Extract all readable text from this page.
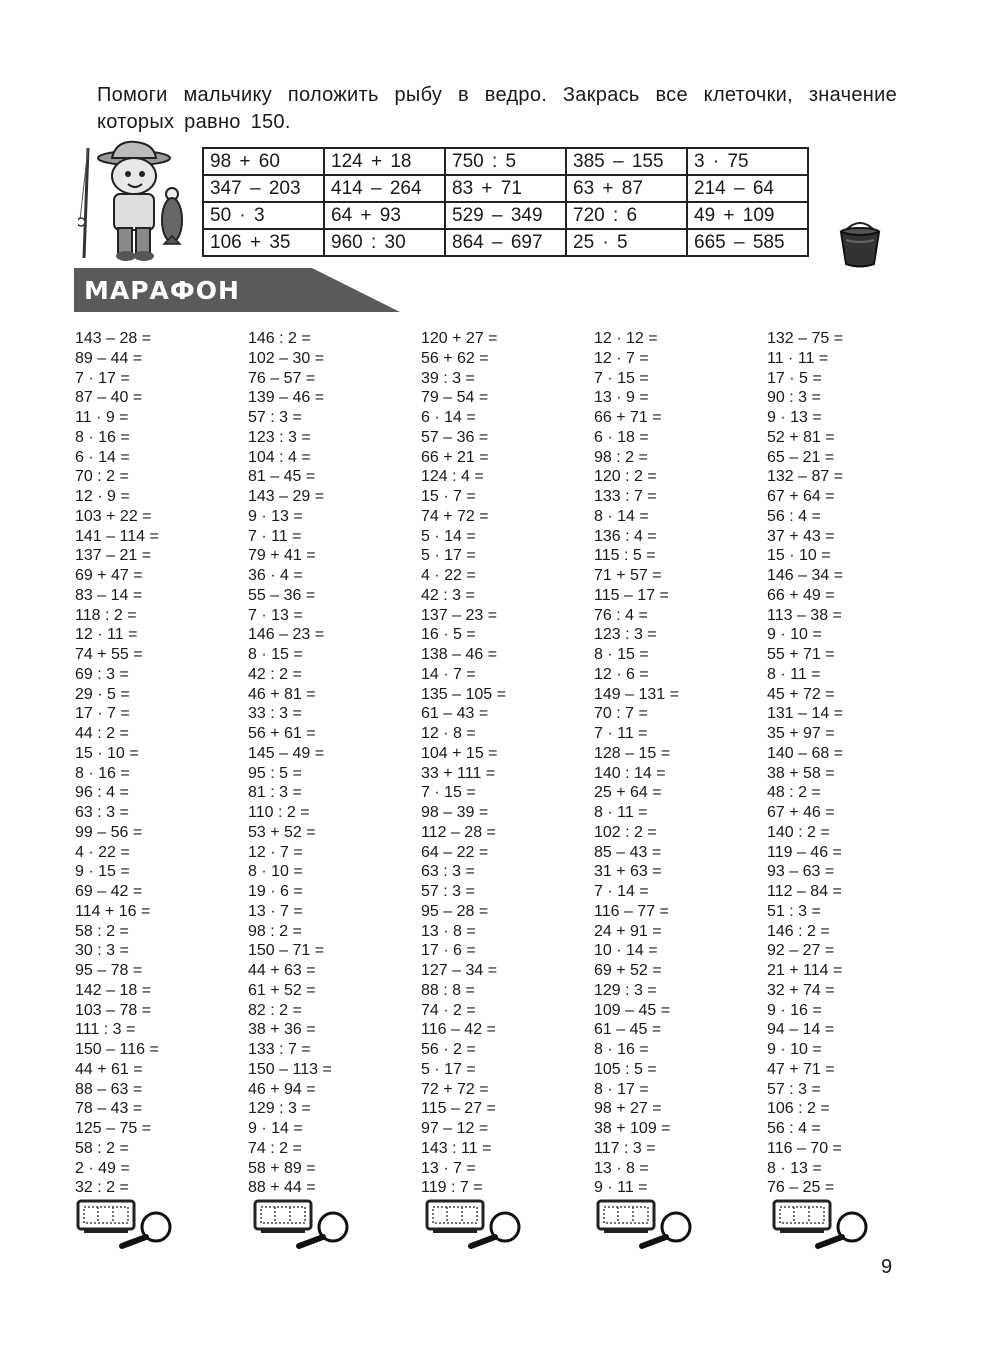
Помоги мальчику положить рыбу в ведро. Закрась все клеточки, значение которых равно 150.

98 + 60	124 + 18	750 : 5	385 – 155	3 · 75
347 – 203	414 – 264	83 + 71	63 + 87	214 – 64
50 · 3	64 + 93	529 – 349	720 : 6	49 + 109
106 + 35	960 : 30	864 – 697	25 · 5	665 – 585
МАРАФОН
143 – 28 =
89 – 44 =
7 · 17 =
87 – 40 =
11 · 9 =
8 · 16 =
6 · 14 =
70 : 2 =
12 · 9 =
103 + 22 =
141 – 114 =
137 – 21 =
69 + 47 =
83 – 14 =
118 : 2 =
12 · 11 =
74 + 55 =
69 : 3 =
29 · 5 =
17 · 7 =
44 : 2 =
15 · 10 =
8 · 16 =
96 : 4 =
63 : 3 =
99 – 56 =
4 · 22 =
9 · 15 =
69 – 42 =
114 + 16 =
58 : 2 =
30 : 3 =
95 – 78 =
142 – 18 =
103 – 78 =
111 : 3 =
150 – 116 =
44 + 61 =
88 – 63 =
78 – 43 =
125 – 75 =
58 : 2 =
2 · 49 =
32 : 2 =
146 : 2 =
102 – 30 =
76 – 57 =
139 – 46 =
57 : 3 =
123 : 3 =
104 : 4 =
81 – 45 =
143 – 29 =
9 · 13 =
7 · 11 =
79 + 41 =
36 · 4 =
55 – 36 =
7 · 13 =
146 – 23 =
8 · 15 =
42 : 2 =
46 + 81 =
33 : 3 =
56 + 61 =
145 – 49 =
95 : 5 =
81 : 3 =
110 : 2 =
53 + 52 =
12 · 7 =
8 · 10 =
19 · 6 =
13 · 7 =
98 : 2 =
150 – 71 =
44 + 63 =
61 + 52 =
82 : 2 =
38 + 36 =
133 : 7 =
150 – 113 =
46 + 94 =
129 : 3 =
9 · 14 =
74 : 2 =
58 + 89 =
88 + 44 =
120 + 27 =
56 + 62 =
39 : 3 =
79 – 54 =
6 · 14 =
57 – 36 =
66 + 21 =
124 : 4 =
15 · 7 =
74 + 72 =
5 · 14 =
5 · 17 =
4 · 22 =
42 : 3 =
137 – 23 =
16 · 5 =
138 – 46 =
14 · 7 =
135 – 105 =
61 – 43 =
12 · 8 =
104 + 15 =
33 + 111 =
7 · 15 =
98 – 39 =
112 – 28 =
64 – 22 =
63 : 3 =
57 : 3 =
95 – 28 =
13 · 8 =
17 · 6 =
127 – 34 =
88 : 8 =
74 · 2 =
116 – 42 =
56 · 2 =
5 · 17 =
72 + 72 =
115 – 27 =
97 – 12 =
143 : 11 =
13 · 7 =
119 : 7 =
12 · 12 =
12 · 7 =
7 · 15 =
13 · 9 =
66 + 71 =
6 · 18 =
98 : 2 =
120 : 2 =
133 : 7 =
8 · 14 =
136 : 4 =
115 : 5 =
71 + 57 =
115 – 17 =
76 : 4 =
123 : 3 =
8 · 15 =
12 · 6 =
149 – 131 =
70 : 7 =
7 · 11 =
128 – 15 =
140 : 14 =
25 + 64 =
8 · 11 =
102 : 2 =
85 – 43 =
31 + 63 =
7 · 14 =
116 – 77 =
24 + 91 =
10 · 14 =
69 + 52 =
129 : 3 =
109 – 45 =
61 – 45 =
8 · 16 =
105 : 5 =
8 · 17 =
98 + 27 =
38 + 109 =
117 : 3 =
13 · 8 =
9 · 11 =
132 – 75 =
11 · 11 =
17 · 5 =
90 : 3 =
9 · 13 =
52 + 81 =
65 – 21 =
132 – 87 =
67 + 64 =
56 : 4 =
37 + 43 =
15 · 10 =
146 – 34 =
66 + 49 =
113 – 38 =
9 · 10 =
55 + 71 =
8 · 11 =
45 + 72 =
131 – 14 =
35 + 97 =
140 – 68 =
38 + 58 =
48 : 2 =
67 + 46 =
140 : 2 =
119 – 46 =
93 – 63 =
112 – 84 =
51 : 3 =
146 : 2 =
92 – 27 =
21 + 114 =
32 + 74 =
9 · 16 =
94 – 14 =
9 · 10 =
47 + 71 =
57 : 3 =
106 : 2 =
56 : 4 =
116 – 70 =
8 · 13 =
76 – 25 =
9
